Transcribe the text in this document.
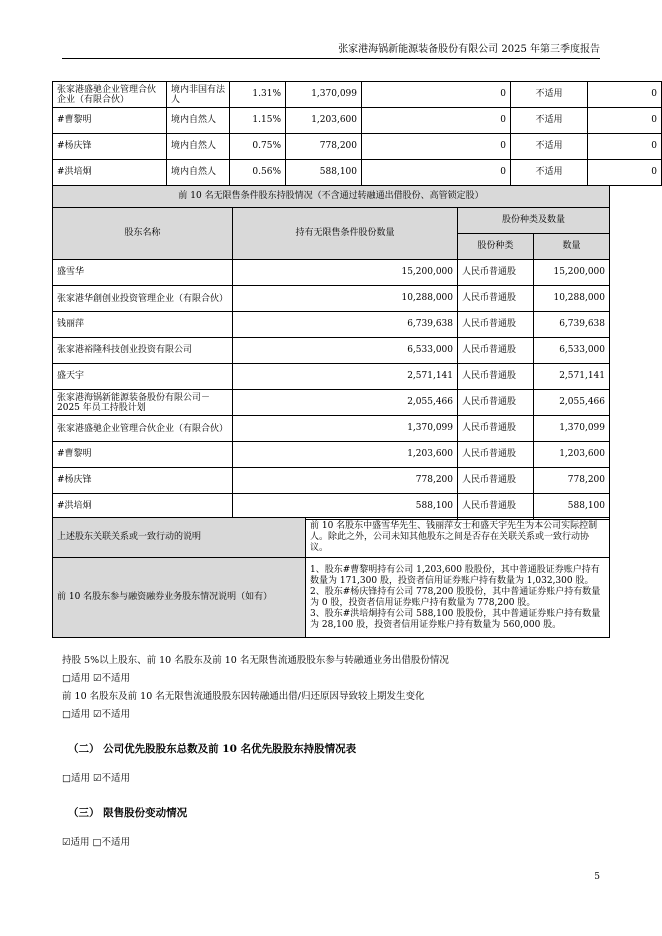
张家港海锅新能源装备股份有限公司 2025 年第三季度报告
张家港盛驰企业管理合伙企业（有限合伙）	境内非国有法人	1.31%	1,370,099	0	不适用	0
#曹黎明	境内自然人	1.15%	1,203,600	0	不适用	0
#杨庆锋	境内自然人	0.75%	778,200	0	不适用	0
#洪培炯	境内自然人	0.56%	588,100	0	不适用	0
前 10 名无限售条件股东持股情况（不含通过转融通出借股份、高管锁定股）			
股东名称	持有无限售条件股份数量	股份种类及数量	
		股份种类	数量
盛雪华	15,200,000	人民币普通股	15,200,000
张家港华創创业投资管理企业（有限合伙）	10,288,000	人民币普通股	10,288,000
钱丽萍	6,739,638	人民币普通股	6,739,638
张家港裕隆科技创业投资有限公司	6,533,000	人民币普通股	6,533,000
盛天宇	2,571,141	人民币普通股	2,571,141
张家港海锅新能源装备股份有限公司－2025 年员工持股计划	2,055,466	人民币普通股	2,055,466
张家港盛驰企业管理合伙企业（有限合伙）	1,370,099	人民币普通股	1,370,099
#曹黎明	1,203,600	人民币普通股	1,203,600
#杨庆锋	778,200	人民币普通股	778,200
#洪培炯	588,100	人民币普通股	588,100
上述股东关联关系或一致行动的说明	前 10 名股东中盛雪华先生、钱丽萍女士和盛天宇先生为本公司实际控制人。除此之外，公司未知其他股东之间是否存在关联关系或一致行动协议。
前 10 名股东参与融资融券业务股东情况说明（如有）	1、股东#曹黎明持有公司 1,203,600 股股份，其中普通股证券账户持有数量为 171,300 股，投资者信用证券账户持有数量为 1,032,300 股。
2、股东#杨庆锋持有公司 778,200 股股份，其中普通证券账户持有数量为 0 股，投资者信用证券账户持有数量为 778,200 股。
3、股东#洪培炯持有公司 588,100 股股份，其中普通证券账户持有数量为 28,100 股，投资者信用证券账户持有数量为 560,000 股。
持股 5%以上股东、前 10 名股东及前 10 名无限售流通股股东参与转融通业务出借股份情况
□适用 ☑不适用
前 10 名股东及前 10 名无限售流通股股东因转融通出借/归还原因导致较上期发生变化
□适用 ☑不适用
（二） 公司优先股股东总数及前 10 名优先股股东持股情况表
□适用 ☑不适用
（三） 限售股份变动情况
☑适用 □不适用
5
